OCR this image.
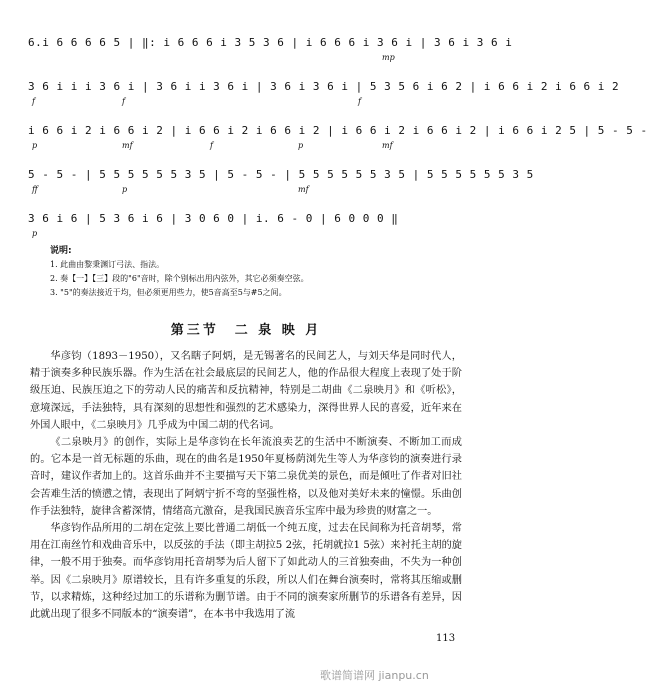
6.i 6 6 6 6 5 | ‖: i 6 6 6 i 3 5 3 6 | i 6 6 6 i 3 6 i | 3 6 i 3 6 i
mp
3 6 i i i 3 6 i | 3 6 i i 3 6 i | 3 6 i 3 6 i | 5 3 5 6 i 6 2 | i 6 6 i 2 i 6 6 i 2
f	f	f
i 6 6 i 2 i 6 6 i 2 | i 6 6 i 2 i 6 6 i 2 | i 6 6 i 2 i 6 6 i 2 | i 6 6 i 2 5 | 5 - 5 -
p	mf	f	p	mf
5 - 5 - | 5 5 5 5 5 5 3 5 | 5 - 5 - | 5 5 5 5 5 5 3 5 | 5 5 5 5 5 5 3 5
ff	p	mf
3 6 i 6 | 5 3 6 i 6 | 3 0 6 0 | i. 6 - 0 | 6 0 0 0 ‖
p

说明:

1. 此曲由黎秉渊订弓法、指法。

2. 奏【一】【三】段的"6"音时，除个别标出用内弦外，其它必须奏空弦。

3. "5"的奏法接近于均，但必须更用些力，使5音高至5与#5之间。

第三节　二 泉 映 月

华彦钧（1893－1950），又名瞎子阿炳，是无锡著名的民间艺人，与刘天华是同时代人，精于演奏多种民族乐器。作为生活在社会最底层的民间艺人，他的作品很大程度上表现了处于阶级压迫、民族压迫之下的劳动人民的痛苦和反抗精神，特别是二胡曲《二泉映月》和《听松》，意境深远，手法独特，具有深刻的思想性和强烈的艺术感染力，深得世界人民的喜爱，近年来在外国人眼中，《二泉映月》几乎成为中国二胡的代名词。

《二泉映月》的创作，实际上是华彦钧在长年流浪卖艺的生活中不断演奏、不断加工而成的。它本是一首无标题的乐曲，现在的曲名是1950年夏杨荫浏先生等人为华彦钧的演奏进行录音时，建议作者加上的。这首乐曲并不主要描写天下第二泉优美的景色，而是倾吐了作者对旧社会苦难生活的愤懑之情，表现出了阿炳宁折不弯的坚强性格，以及他对美好未来的憧憬。乐曲创作手法独特，旋律含蓄深情，情绪高亢激奋，是我国民族音乐宝库中最为珍贵的财富之一。

华彦钧作品所用的二胡在定弦上要比普通二胡低一个纯五度，过去在民间称为托音胡琴，常用在江南丝竹和戏曲音乐中，以反弦的手法（即主胡拉5 2弦，托胡就拉1 5弦）来衬托主胡的旋律，一般不用于独奏。而华彦钧用托音胡琴为后人留下了如此动人的三首独奏曲，不失为一种创举。因《二泉映月》原谱较长，且有许多重复的乐段，所以人们在舞台演奏时，常将其压缩或删节，以求精炼，这种经过加工的乐谱称为删节谱。由于不同的演奏家所删节的乐谱各有差异，因此就出现了很多不同版本的“演奏谱”，在本书中我选用了流

113
歌谱简谱网 jianpu.cn
